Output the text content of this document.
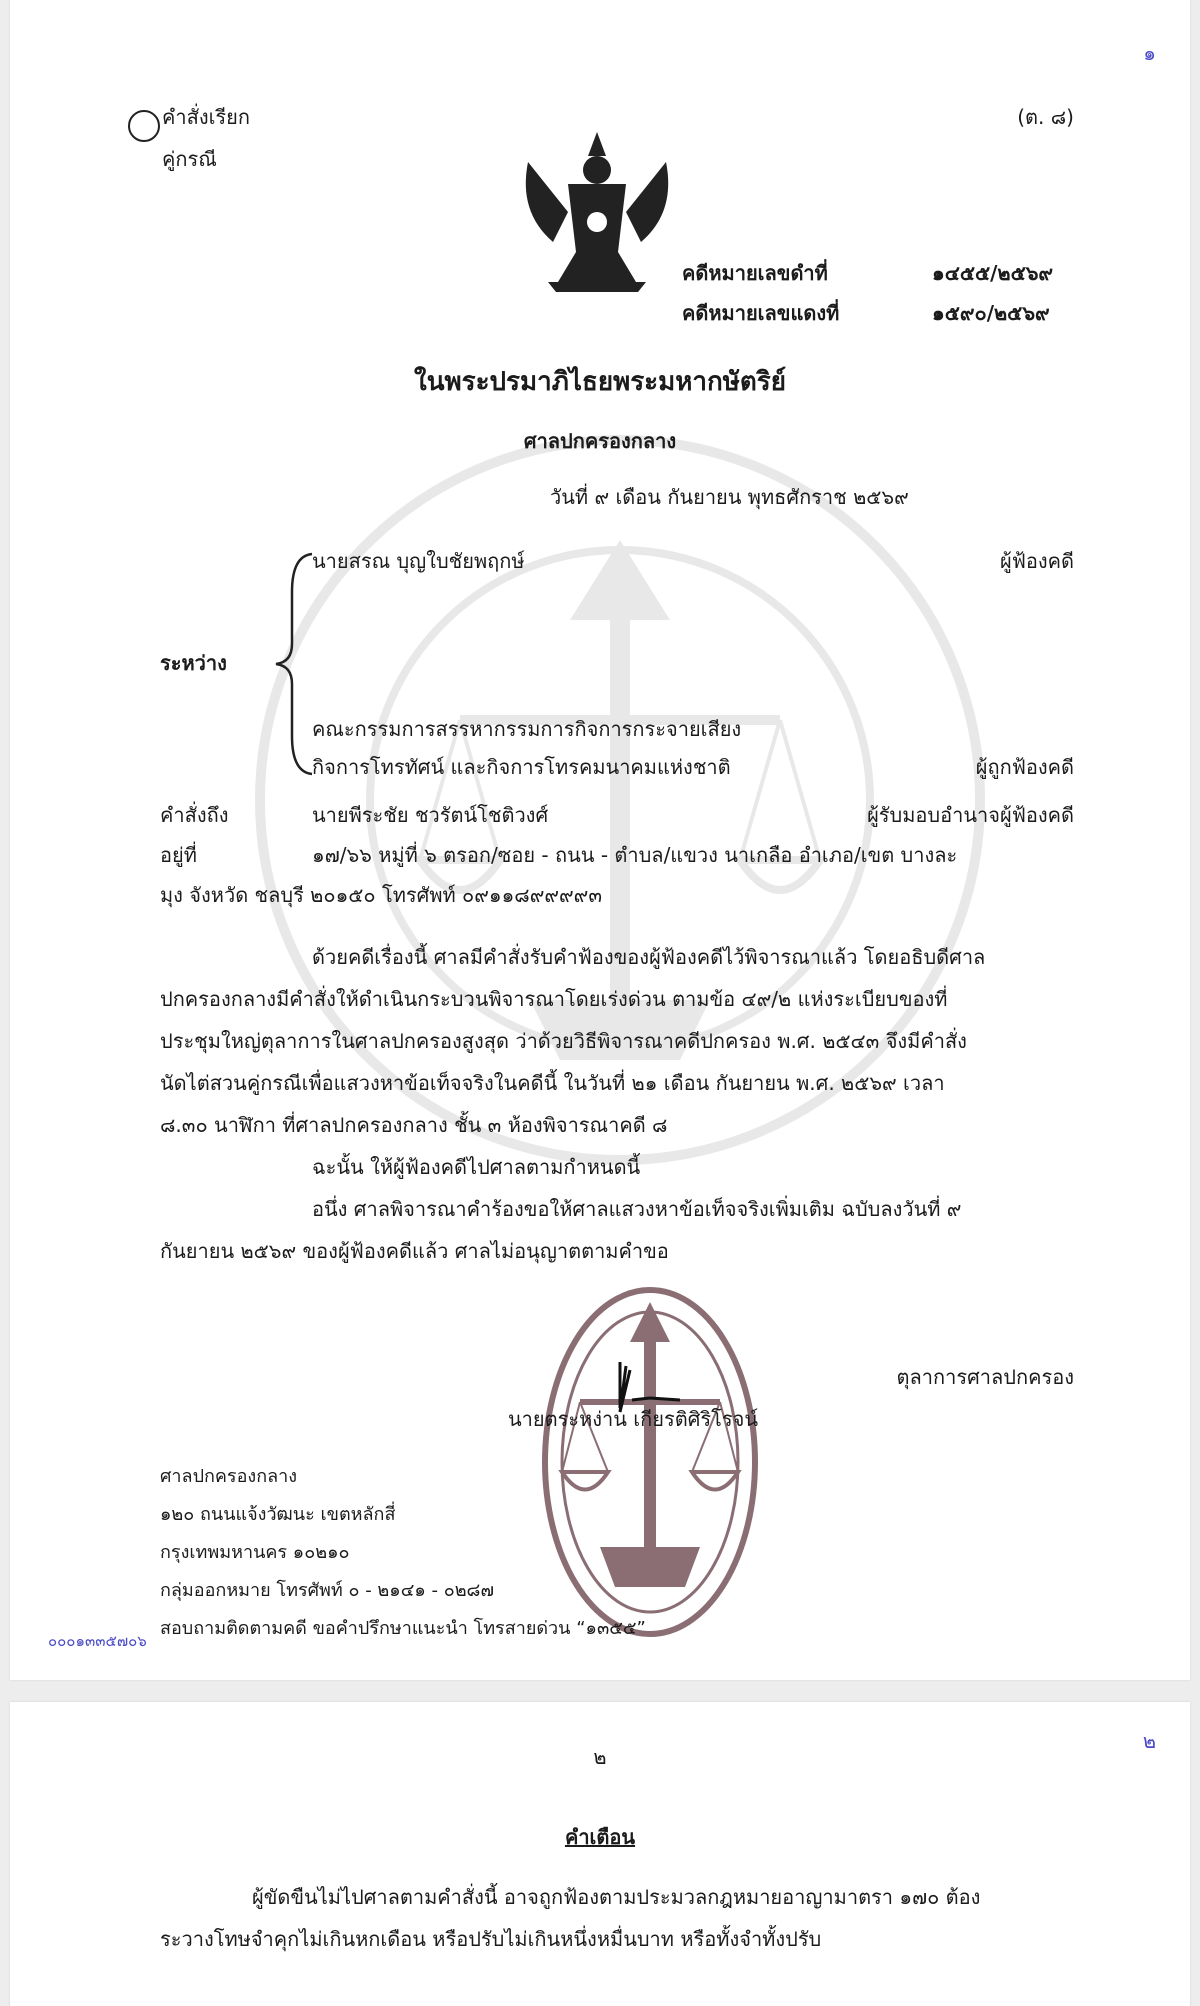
๑
คำสั่งเรียก
คู่กรณี
(ต. ๘)
คดีหมายเลขดำที่	๑๔๕๕/๒๕๖๙
คดีหมายเลขแดงที่	๑๕๙๐/๒๕๖๙
ในพระปรมาภิไธยพระมหากษัตริย์
ศาลปกครองกลาง
วันที่ ๙ เดือน กันยายน พุทธศักราช ๒๕๖๙
นายสรณ บุญใบชัยพฤกษ์	ผู้ฟ้องคดี
ระหว่าง
คณะกรรมการสรรหากรรมการกิจการกระจายเสียง
กิจการโทรทัศน์ และกิจการโทรคมนาคมแห่งชาติ	ผู้ถูกฟ้องคดี
คำสั่งถึง	นายพีระชัย ชวรัตน์โชติวงศ์	ผู้รับมอบอำนาจผู้ฟ้องคดี
อยู่ที่	๑๗/๖๖ หมู่ที่ ๖ ตรอก/ซอย - ถนน - ตำบล/แขวง นาเกลือ อำเภอ/เขต บางละ
มุง จังหวัด ชลบุรี ๒๐๑๕๐ โทรศัพท์ ๐๙๑๑๘๙๙๙๙๓
ด้วยคดีเรื่องนี้ ศาลมีคำสั่งรับคำฟ้องของผู้ฟ้องคดีไว้พิจารณาแล้ว โดยอธิบดีศาล
ปกครองกลางมีคำสั่งให้ดำเนินกระบวนพิจารณาโดยเร่งด่วน ตามข้อ ๔๙/๒ แห่งระเบียบของที่
ประชุมใหญ่ตุลาการในศาลปกครองสูงสุด ว่าด้วยวิธีพิจารณาคดีปกครอง พ.ศ. ๒๕๔๓ จึงมีคำสั่ง
นัดไต่สวนคู่กรณีเพื่อแสวงหาข้อเท็จจริงในคดีนี้ ในวันที่ ๒๑ เดือน กันยายน พ.ศ. ๒๕๖๙ เวลา
๘.๓๐ นาฬิกา ที่ศาลปกครองกลาง ชั้น ๓ ห้องพิจารณาคดี ๘
ฉะนั้น ให้ผู้ฟ้องคดีไปศาลตามกำหนดนี้
อนึ่ง ศาลพิจารณาคำร้องขอให้ศาลแสวงหาข้อเท็จจริงเพิ่มเติม ฉบับลงวันที่ ๙
กันยายน ๒๕๖๙ ของผู้ฟ้องคดีแล้ว ศาลไม่อนุญาตตามคำขอ
ตุลาการศาลปกครอง
นายตระหง่าน เกียรติศิริโรจน์
ศาลปกครองกลาง
๑๒๐ ถนนแจ้งวัฒนะ เขตหลักสี่
กรุงเทพมหานคร ๑๐๒๑๐
กลุ่มออกหมาย โทรศัพท์ ๐ - ๒๑๔๑ - ๐๒๘๗
สอบถามติดตามคดี ขอคำปรึกษาแนะนำ โทรสายด่วน “๑๓๕๕”
๐๐๐๑๓๓๕๗๐๖
๒
๒
คำเตือน
ผู้ขัดขืนไม่ไปศาลตามคำสั่งนี้ อาจถูกฟ้องตามประมวลกฎหมายอาญามาตรา ๑๗๐ ต้อง
ระวางโทษจำคุกไม่เกินหกเดือน หรือปรับไม่เกินหนึ่งหมื่นบาท หรือทั้งจำทั้งปรับ
